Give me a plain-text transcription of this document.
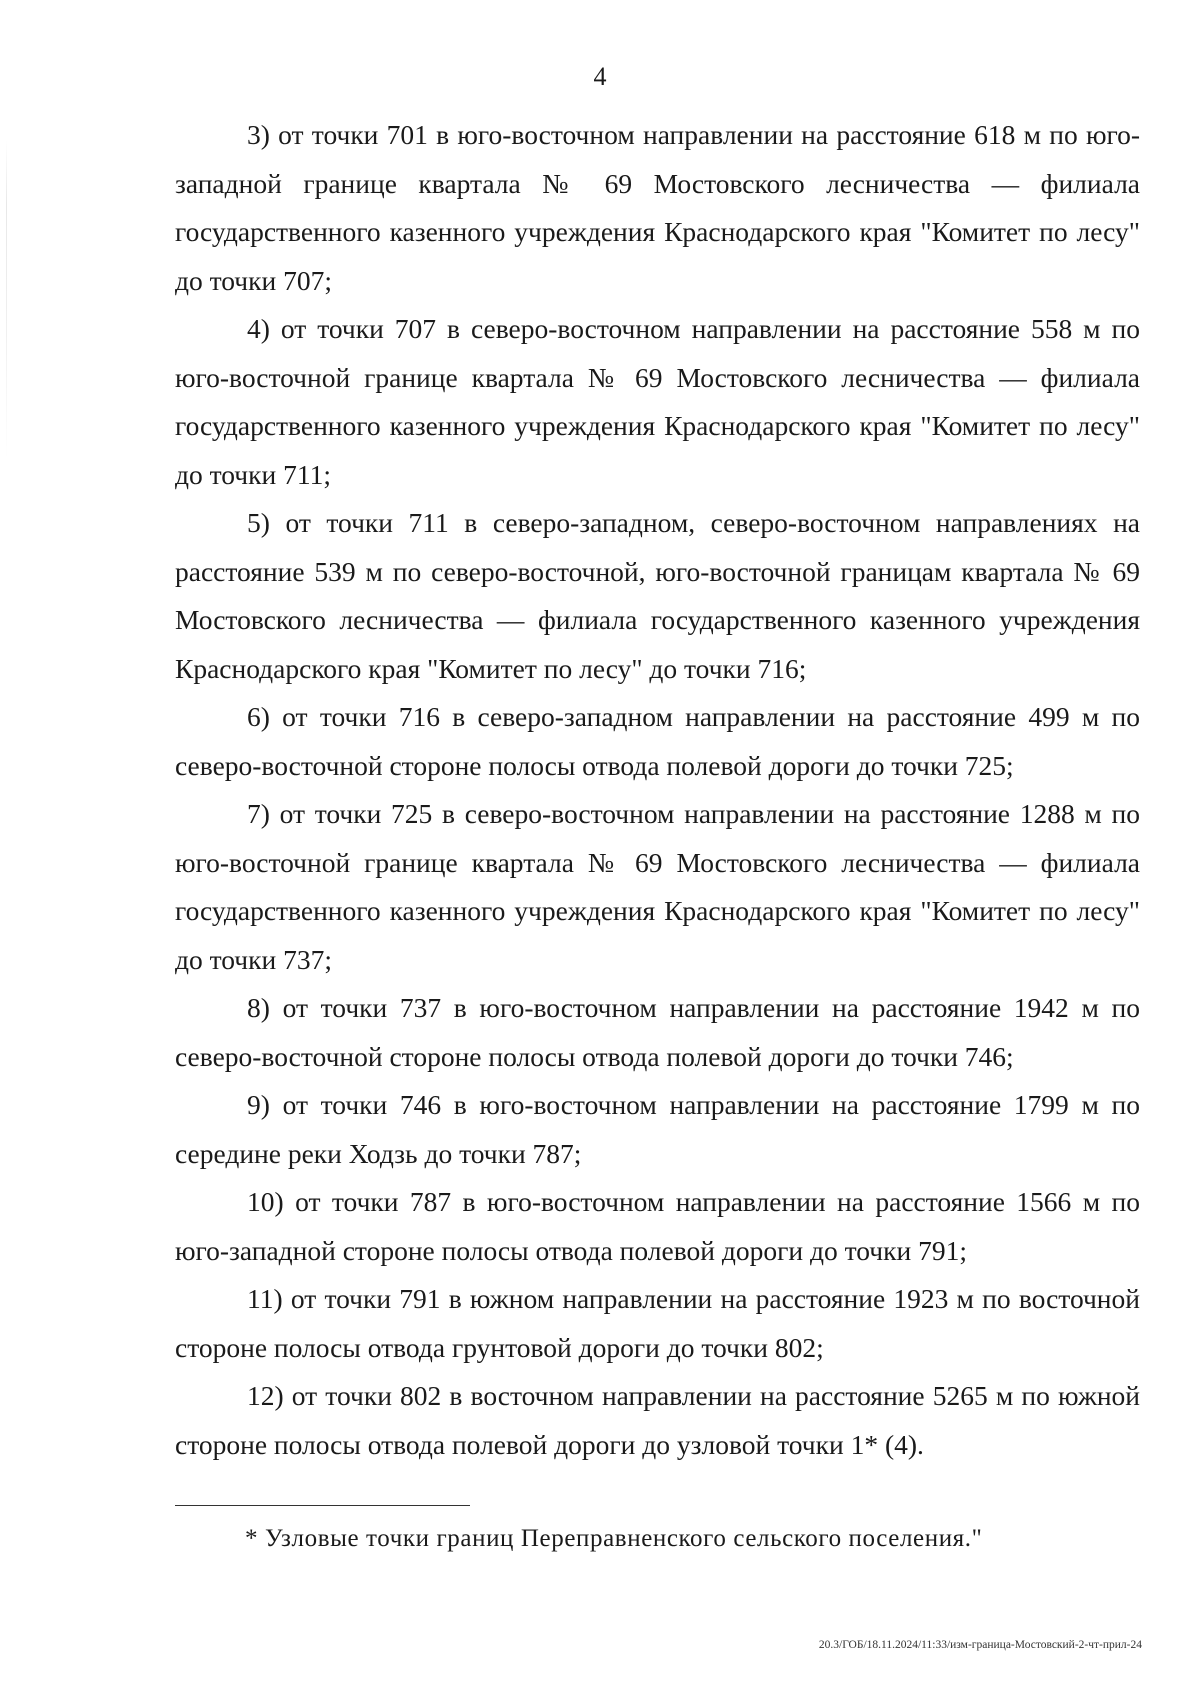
4

3) от точки 701 в юго-восточном направлении на расстояние 618 м по юго-западной границе квартала № 69 Мостовского лесничества — филиала государственного казенного учреждения Краснодарского края "Комитет по лесу" до точки 707;

4) от точки 707 в северо-восточном направлении на расстояние 558 м по юго-восточной границе квартала № 69 Мостовского лесничества — филиала государственного казенного учреждения Краснодарского края "Комитет по лесу" до точки 711;

5) от точки 711 в северо-западном, северо-восточном направлениях на расстояние 539 м по северо-восточной, юго-восточной границам квартала № 69 Мостовского лесничества — филиала государственного казенного учреждения Краснодарского края "Комитет по лесу" до точки 716;

6) от точки 716 в северо-западном направлении на расстояние 499 м по северо-восточной стороне полосы отвода полевой дороги до точки 725;

7) от точки 725 в северо-восточном направлении на расстояние 1288 м по юго-восточной границе квартала № 69 Мостовского лесничества — филиала государственного казенного учреждения Краснодарского края "Комитет по лесу" до точки 737;

8) от точки 737 в юго-восточном направлении на расстояние 1942 м по северо-восточной стороне полосы отвода полевой дороги до точки 746;

9) от точки 746 в юго-восточном направлении на расстояние 1799 м по середине реки Ходзь до точки 787;

10) от точки 787 в юго-восточном направлении на расстояние 1566 м по юго-западной стороне полосы отвода полевой дороги до точки 791;

11) от точки 791 в южном направлении на расстояние 1923 м по восточной стороне полосы отвода грунтовой дороги до точки 802;

12) от точки 802 в восточном направлении на расстояние 5265 м по южной стороне полосы отвода полевой дороги до узловой точки 1* (4).

* Узловые точки границ Переправненского сельского поселения."
20.3/ГОБ/18.11.2024/11:33/изм-граница-Мостовский-2-чт-прил-24
